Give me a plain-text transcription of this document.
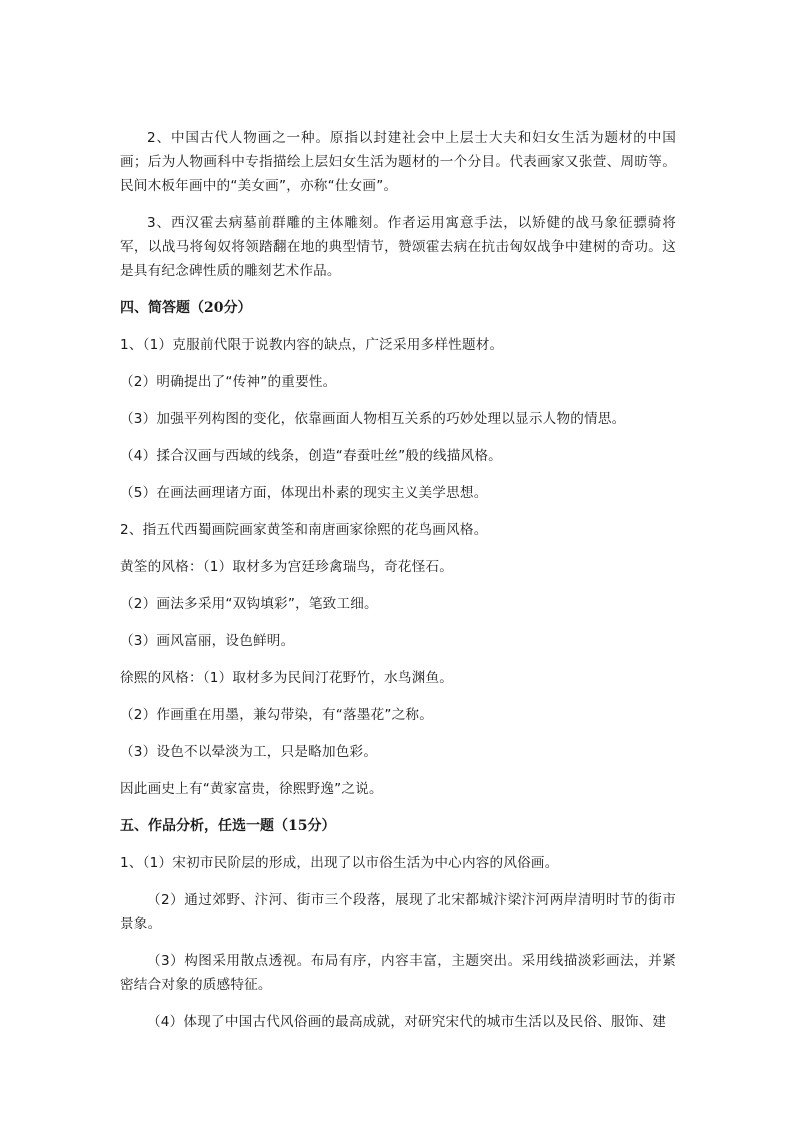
2、中国古代人物画之一种。原指以封建社会中上层士大夫和妇女生活为题材的中国画；后为人物画科中专指描绘上层妇女生活为题材的一个分目。代表画家又张萱、周昉等。民间木板年画中的“美女画”，亦称“仕女画”。

3、西汉霍去病墓前群雕的主体雕刻。作者运用寓意手法，以矫健的战马象征骠骑将军，以战马将匈奴将领踏翻在地的典型情节，赞颂霍去病在抗击匈奴战争中建树的奇功。这是具有纪念碑性质的雕刻艺术作品。

四、简答题（20分）

1、（1）克服前代限于说教内容的缺点，广泛采用多样性题材。

（2）明确提出了“传神”的重要性。

（3）加强平列构图的变化，依靠画面人物相互关系的巧妙处理以显示人物的情思。

（4）揉合汉画与西域的线条，创造“春蚕吐丝”般的线描风格。

（5）在画法画理诸方面，体现出朴素的现实主义美学思想。

2、指五代西蜀画院画家黄筌和南唐画家徐熙的花鸟画风格。

黄筌的风格：（1）取材多为宫廷珍禽瑞鸟，奇花怪石。

（2）画法多采用“双钩填彩”，笔致工细。

（3）画风富丽，设色鲜明。

徐熙的风格：（1）取材多为民间汀花野竹，水鸟渊鱼。

（2）作画重在用墨，兼勾带染，有“落墨花”之称。

（3）设色不以晕淡为工，只是略加色彩。

因此画史上有“黄家富贵，徐熙野逸”之说。

五、作品分析，任选一题（15分）

1、（1）宋初市民阶层的形成，出现了以市俗生活为中心内容的风俗画。

（2）通过郊野、汴河、街市三个段落，展现了北宋都城汴梁汴河两岸清明时节的街市景象。

（3）构图采用散点透视。布局有序，内容丰富，主题突出。采用线描淡彩画法，并紧密结合对象的质感特征。

（4）体现了中国古代风俗画的最高成就，对研究宋代的城市生活以及民俗、服饰、建
